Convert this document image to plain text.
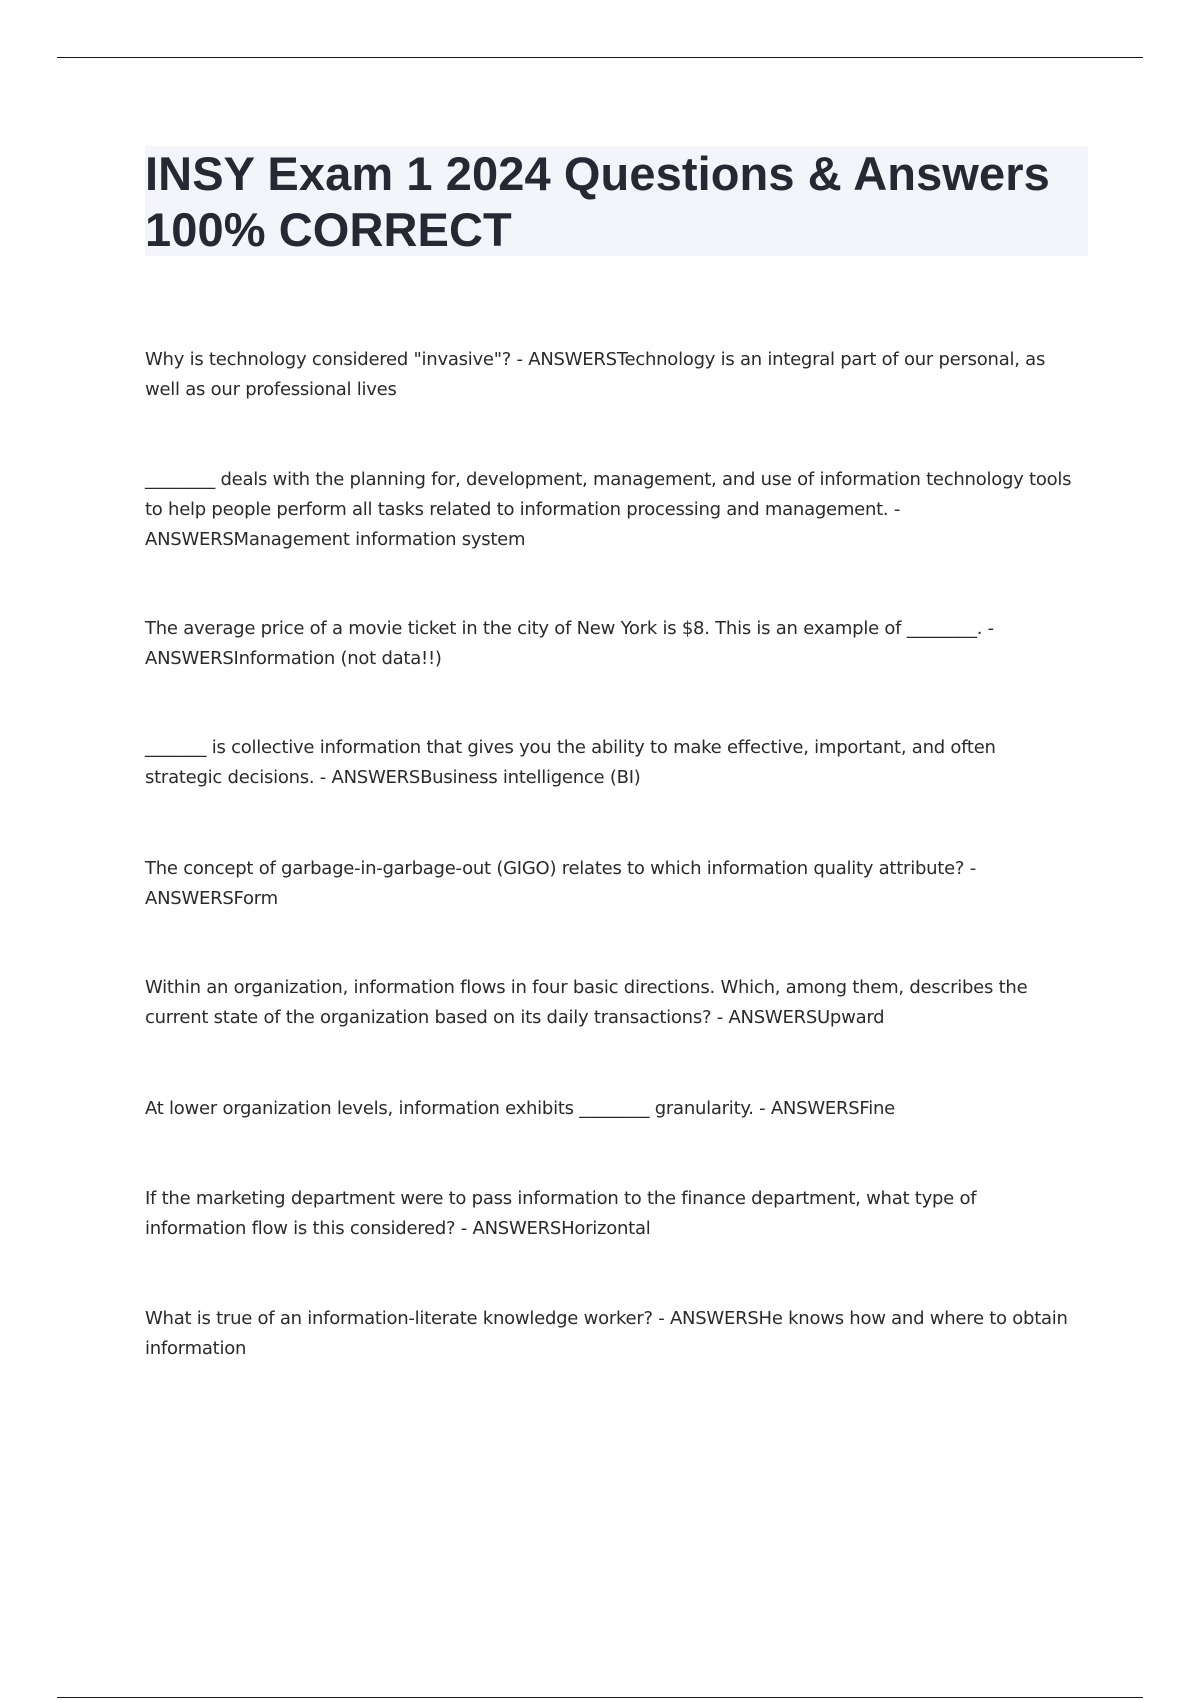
INSY Exam 1 2024 Questions & Answers 100% CORRECT

Why is technology considered "invasive"? - ANSWERSTechnology is an integral part of our personal, as well as our professional lives

________ deals with the planning for, development, management, and use of information technology tools to help people perform all tasks related to information processing and management. - ANSWERSManagement information system

The average price of a movie ticket in the city of New York is $8. This is an example of ________. - ANSWERSInformation (not data!!)

_______ is collective information that gives you the ability to make effective, important, and often strategic decisions. - ANSWERSBusiness intelligence (BI)

The concept of garbage-in-garbage-out (GIGO) relates to which information quality attribute? - ANSWERSForm

Within an organization, information flows in four basic directions. Which, among them, describes the current state of the organization based on its daily transactions? - ANSWERSUpward

At lower organization levels, information exhibits ________ granularity. - ANSWERSFine

If the marketing department were to pass information to the finance department, what type of information flow is this considered? - ANSWERSHorizontal

What is true of an information-literate knowledge worker? - ANSWERSHe knows how and where to obtain information
